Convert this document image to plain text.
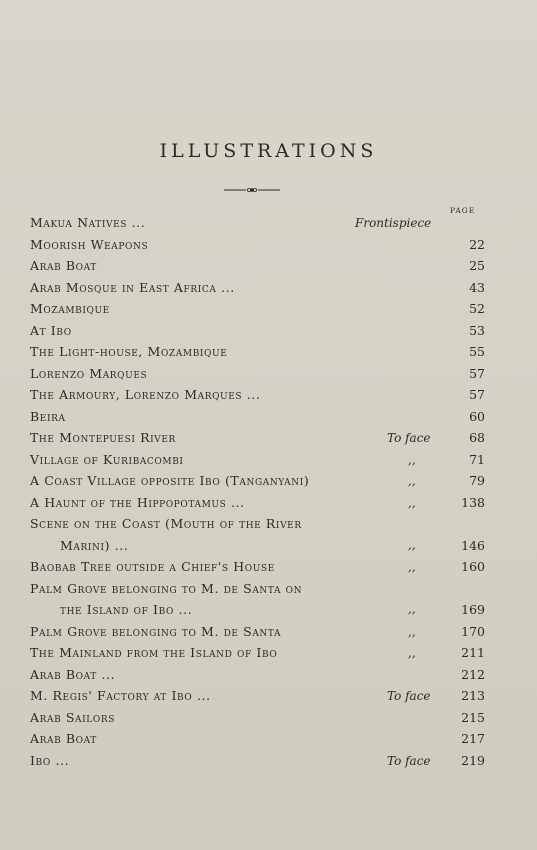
ILLUSTRATIONS
PAGE
Makua Natives ...	Frontispiece
Moorish Weapons	22
Arab Boat	25
Arab Mosque in East Africa ...	43
Mozambique	52
At Ibo	53
The Light-house, Mozambique	55
Lorenzo Marques	57
The Armoury, Lorenzo Marques ...	57
Beira	60
The Montepuesi River	To face	68
Village of Kuribacombi	,,	71
A Coast Village opposite Ibo (Tanganyani)	,,	79
A Haunt of the Hippopotamus ...	,,	138
Scene on the Coast (Mouth of the River
Marini) ...	,,	146
Baobab Tree outside a Chief's House	,,	160
Palm Grove belonging to M. de Santa on
the Island of Ibo ...	,,	169
Palm Grove belonging to M. de Santa	,,	170
The Mainland from the Island of Ibo	,,	211
Arab Boat ...	212
M. Regis' Factory at Ibo ...	To face 213
Arab Sailors	215
Arab Boat	217
Ibo ...	To face 219
